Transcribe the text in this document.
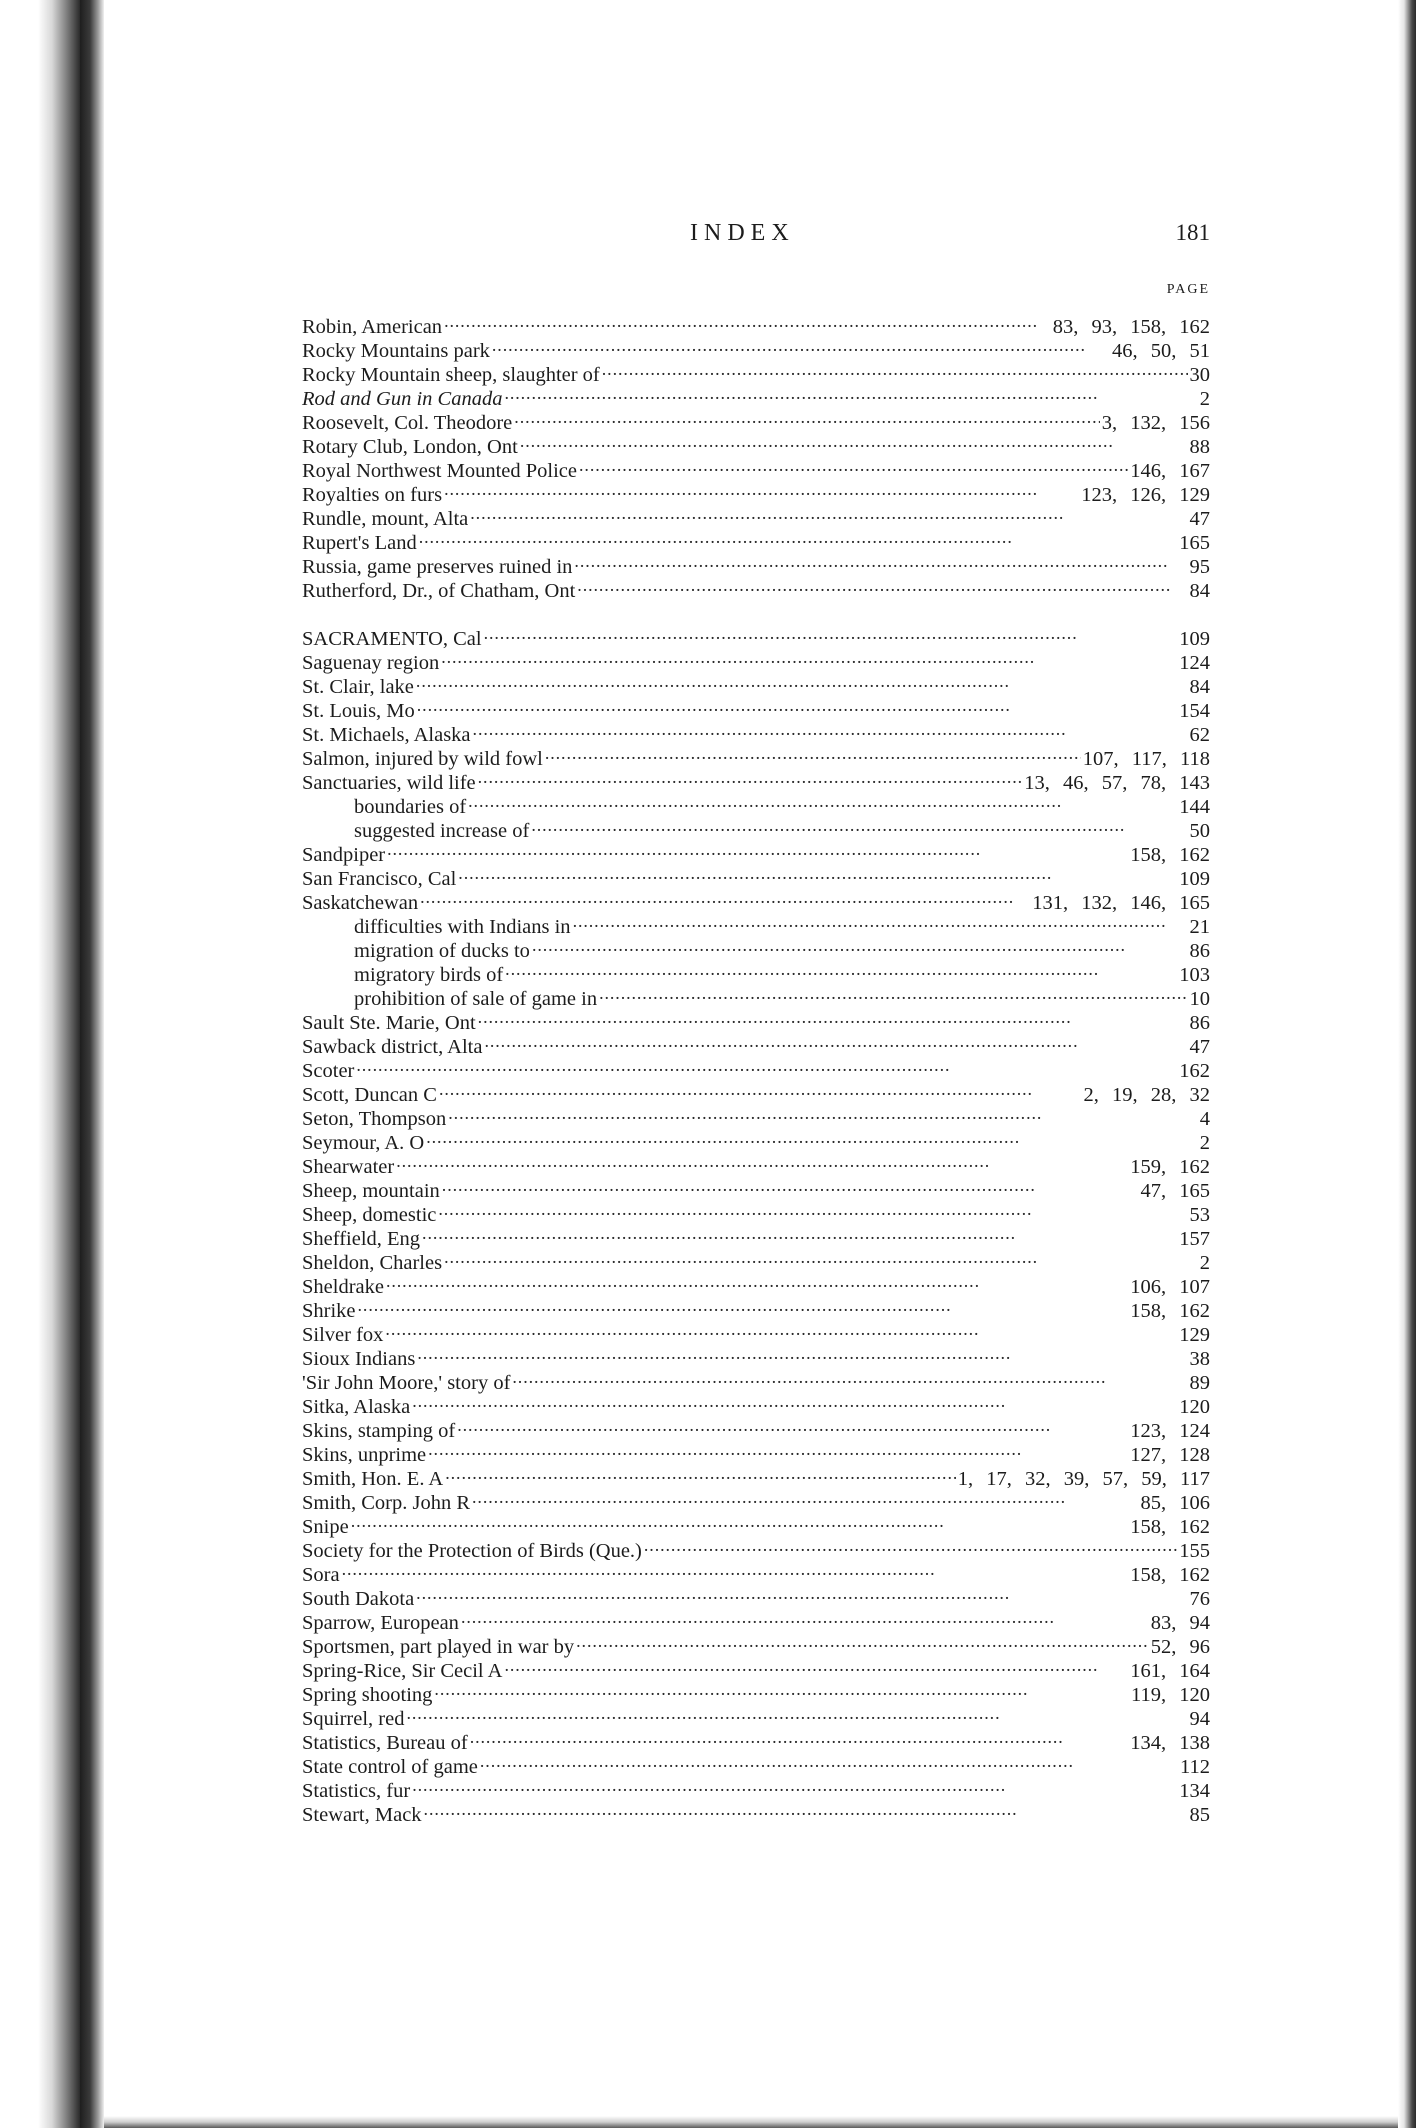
INDEX	181
PAGE
Robin, American . . .	83, 93, 158, 162
Rocky Mountains park . . .	46, 50, 51
Rocky Mountain sheep, slaughter of . . .	30
Rod and Gun in Canada . . .	2
Roosevelt, Col. Theodore . . .	3, 132, 156
Rotary Club, London, Ont . . .	88
Royal Northwest Mounted Police . . .	146, 167
Royalties on furs . . .	123, 126, 129
Rundle, mount, Alta . . .	47
Rupert's Land . . .	165
Russia, game preserves ruined in . . .	95
Rutherford, Dr., of Chatham, Ont . . .	84
SACRAMENTO, Cal . . .	109
Saguenay region . . .	124
St. Clair, lake . . .	84
St. Louis, Mo . . .	154
St. Michaels, Alaska . . .	62
Salmon, injured by wild fowl . . .	107, 117, 118
Sanctuaries, wild life . . .	13, 46, 57, 78, 143
boundaries of . . .	144
suggested increase of . . .	50
Sandpiper . . .	158, 162
San Francisco, Cal . . .	109
Saskatchewan . . .	131, 132, 146, 165
difficulties with Indians in . . .	21
migration of ducks to . . .	86
migratory birds of . . .	103
prohibition of sale of game in . . .	10
Sault Ste. Marie, Ont . . .	86
Sawback district, Alta . . .	47
Scoter . . .	162
Scott, Duncan C . . .	2, 19, 28, 32
Seton, Thompson . . .	4
Seymour, A. O . . .	2
Shearwater . . .	159, 162
Sheep, mountain . . .	47, 165
Sheep, domestic . . .	53
Sheffield, Eng . . .	157
Sheldon, Charles . . .	2
Sheldrake . . .	106, 107
Shrike . . .	158, 162
Silver fox . . .	129
Sioux Indians . . .	38
'Sir John Moore,' story of . . .	89
Sitka, Alaska . . .	120
Skins, stamping of . . .	123, 124
Skins, unprime . . .	127, 128
Smith, Hon. E. A . . .	1, 17, 32, 39, 57, 59, 117
Smith, Corp. John R . . .	85, 106
Snipe . . .	158, 162
Society for the Protection of Birds (Que.) . . .	155
Sora . . .	158, 162
South Dakota . . .	76
Sparrow, European . . .	83, 94
Sportsmen, part played in war by . . .	52, 96
Spring-Rice, Sir Cecil A . . .	161, 164
Spring shooting . . .	119, 120
Squirrel, red . . .	94
Statistics, Bureau of . . .	134, 138
State control of game . . .	112
Statistics, fur . . .	134
Stewart, Mack . . .	85
